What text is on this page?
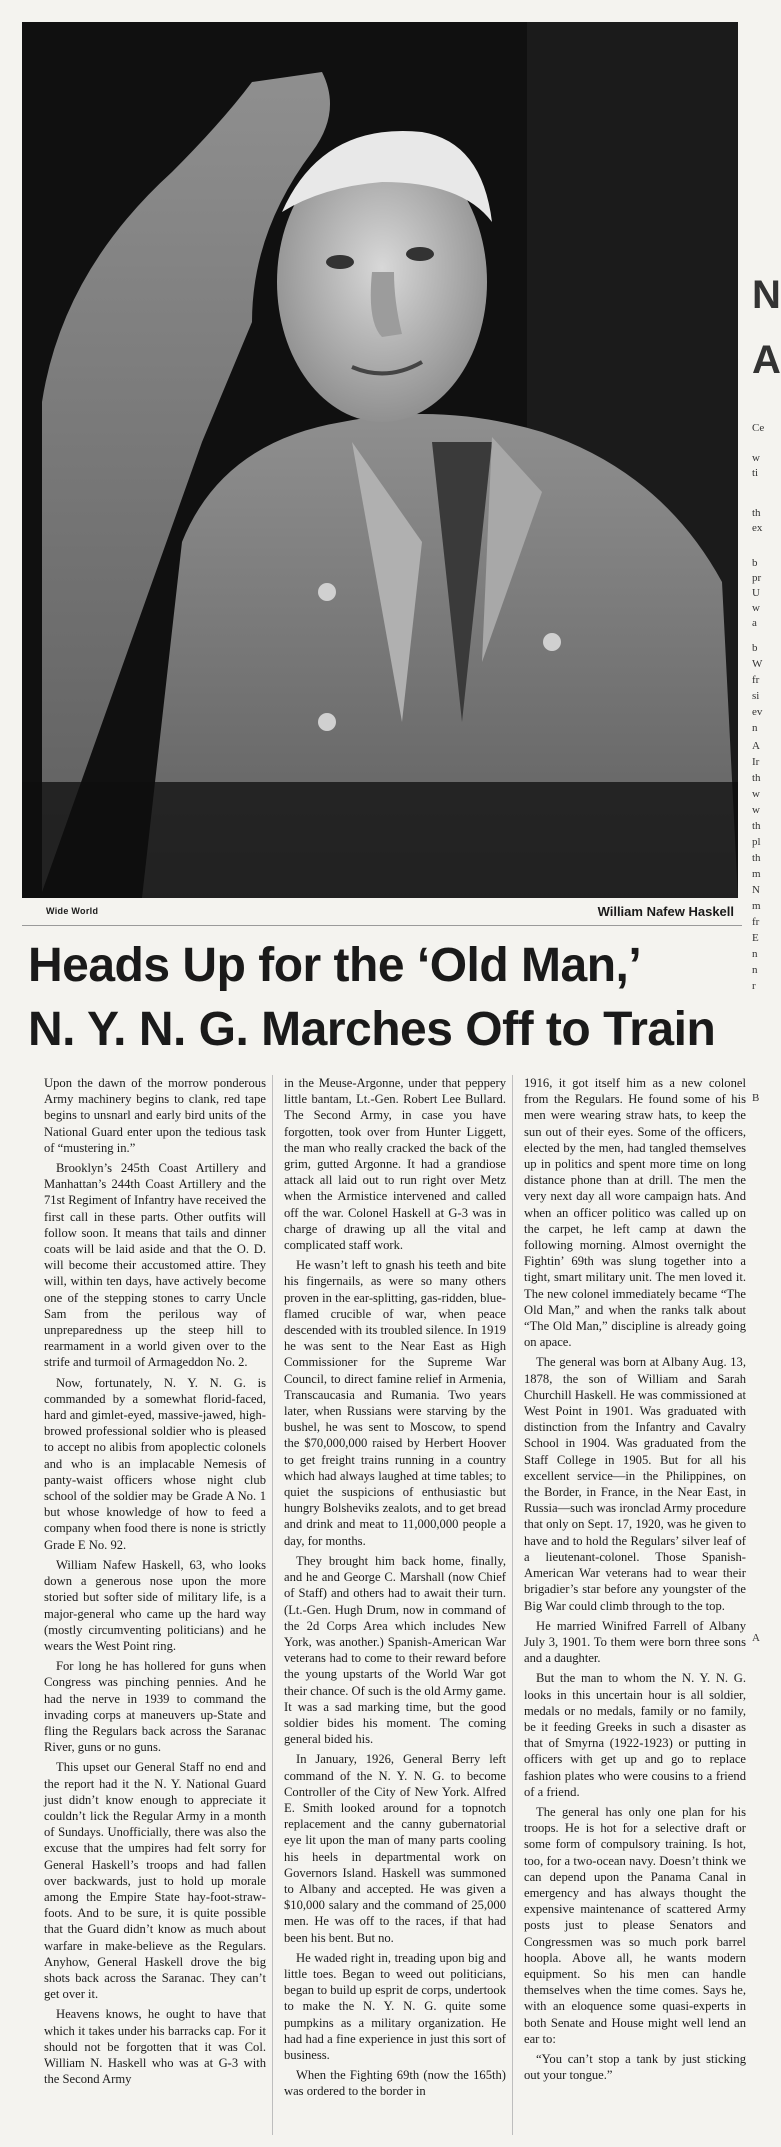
Wide World	William Nafew Haskell
Heads Up for the ‘Old Man,’
N. Y. N. G. Marches Off to Train

Upon the dawn of the morrow ponderous Army machinery begins to clank, red tape begins to unsnarl and early bird units of the National Guard enter upon the tedious task of “mustering in.”

Brooklyn’s 245th Coast Artillery and Manhattan’s 244th Coast Artillery and the 71st Regiment of Infantry have received the first call in these parts. Other outfits will follow soon. It means that tails and dinner coats will be laid aside and that the O. D. will become their accustomed attire. They will, within ten days, have actively become one of the stepping stones to carry Uncle Sam from the perilous way of unpreparedness up the steep hill to rearmament in a world given over to the strife and turmoil of Armageddon No. 2.

Now, fortunately, N. Y. N. G. is commanded by a somewhat florid-faced, hard and gimlet-eyed, massive-jawed, high-browed professional soldier who is pleased to accept no alibis from apoplectic colonels and who is an implacable Nemesis of panty-waist officers whose night club school of the soldier may be Grade A No. 1 but whose knowledge of how to feed a company when food there is none is strictly Grade E No. 92.

William Nafew Haskell, 63, who looks down a generous nose upon the more storied but softer side of military life, is a major-general who came up the hard way (mostly circumventing politicians) and he wears the West Point ring.

For long he has hollered for guns when Congress was pinching pennies. And he had the nerve in 1939 to command the invading corps at maneuvers up-State and fling the Regulars back across the Saranac River, guns or no guns.

This upset our General Staff no end and the report had it the N. Y. National Guard just didn’t know enough to appreciate it couldn’t lick the Regular Army in a month of Sundays. Unofficially, there was also the excuse that the umpires had felt sorry for General Haskell’s troops and had fallen over backwards, just to hold up morale among the Empire State hay-foot-straw-foots. And to be sure, it is quite possible that the Guard didn’t know as much about warfare in make-believe as the Regulars. Anyhow, General Haskell drove the big shots back across the Saranac. They can’t get over it.

Heavens knows, he ought to have that which it takes under his barracks cap. For it should not be forgotten that it was Col. William N. Haskell who was at G-3 with the Second Army

in the Meuse-Argonne, under that peppery little bantam, Lt.-Gen. Robert Lee Bullard. The Second Army, in case you have forgotten, took over from Hunter Liggett, the man who really cracked the back of the grim, gutted Argonne. It had a grandiose attack all laid out to run right over Metz when the Armistice intervened and called off the war. Colonel Haskell at G-3 was in charge of drawing up all the vital and complicated staff work.

He wasn’t left to gnash his teeth and bite his fingernails, as were so many others proven in the ear-splitting, gas-ridden, blue-flamed crucible of war, when peace descended with its troubled silence. In 1919 he was sent to the Near East as High Commissioner for the Supreme War Council, to direct famine relief in Armenia, Transcaucasia and Rumania. Two years later, when Russians were starving by the bushel, he was sent to Moscow, to spend the $70,000,000 raised by Herbert Hoover to get freight trains running in a country which had always laughed at time tables; to quiet the suspicions of enthusiastic but hungry Bolsheviks zealots, and to get bread and drink and meat to 11,000,000 people a day, for months.

They brought him back home, finally, and he and George C. Marshall (now Chief of Staff) and others had to await their turn. (Lt.-Gen. Hugh Drum, now in command of the 2d Corps Area which includes New York, was another.) Spanish-American War veterans had to come to their reward before the young upstarts of the World War got their chance. Of such is the old Army game. It was a sad marking time, but the good soldier bides his moment. The coming general bided his.

In January, 1926, General Berry left command of the N. Y. N. G. to become Controller of the City of New York. Alfred E. Smith looked around for a topnotch replacement and the canny gubernatorial eye lit upon the man of many parts cooling his heels in departmental work on Governors Island. Haskell was summoned to Albany and accepted. He was given a $10,000 salary and the command of 25,000 men. He was off to the races, if that had been his bent. But no.

He waded right in, treading upon big and little toes. Began to weed out politicians, began to build up esprit de corps, undertook to make the N. Y. N. G. quite some pumpkins as a military organization. He had had a fine experience in just this sort of business.

When the Fighting 69th (now the 165th) was ordered to the border in

1916, it got itself him as a new colonel from the Regulars. He found some of his men were wearing straw hats, to keep the sun out of their eyes. Some of the officers, elected by the men, had tangled themselves up in politics and spent more time on long distance phone than at drill. The men the very next day all wore campaign hats. And when an officer politico was called up on the carpet, he left camp at dawn the following morning. Almost overnight the Fightin’ 69th was slung together into a tight, smart military unit. The men loved it. The new colonel immediately became “The Old Man,” and when the ranks talk about “The Old Man,” discipline is already going on apace.

The general was born at Albany Aug. 13, 1878, the son of William and Sarah Churchill Haskell. He was commissioned at West Point in 1901. Was graduated with distinction from the Infantry and Cavalry School in 1904. Was graduated from the Staff College in 1905. But for all his excellent service—in the Philippines, on the Border, in France, in the Near East, in Russia—such was ironclad Army procedure that only on Sept. 17, 1920, was he given to have and to hold the Regulars’ silver leaf of a lieutenant-colonel. Those Spanish-American War veterans had to wear their brigadier’s star before any youngster of the Big War could climb through to the top.

He married Winifred Farrell of Albany July 3, 1901. To them were born three sons and a daughter.

But the man to whom the N. Y. N. G. looks in this uncertain hour is all soldier, medals or no medals, family or no family, be it feeding Greeks in such a disaster as that of Smyrna (1922-1923) or putting in officers with get up and go to replace fashion plates who were cousins to a friend of a friend.

The general has only one plan for his troops. He is hot for a selective draft or some form of compulsory training. Is hot, too, for a two-ocean navy. Doesn’t think we can depend upon the Panama Canal in emergency and has always thought the expensive maintenance of scattered Army posts just to please Senators and Congressmen was so much pork barrel hoopla. Above all, he wants modern equipment. So his men can handle themselves when the time comes. Says he, with an eloquence some quasi-experts in both Senate and House might well lend an ear to:

“You can’t stop a tank by just sticking out your tongue.”

N
A
Ce
w
ti
th
ex
b
pr
U
w
a
b
W
fr
si
ev
n
A
Ir
th
w
w
th
pl
th
m
N
m
fr
E
n
n
r
B
A
